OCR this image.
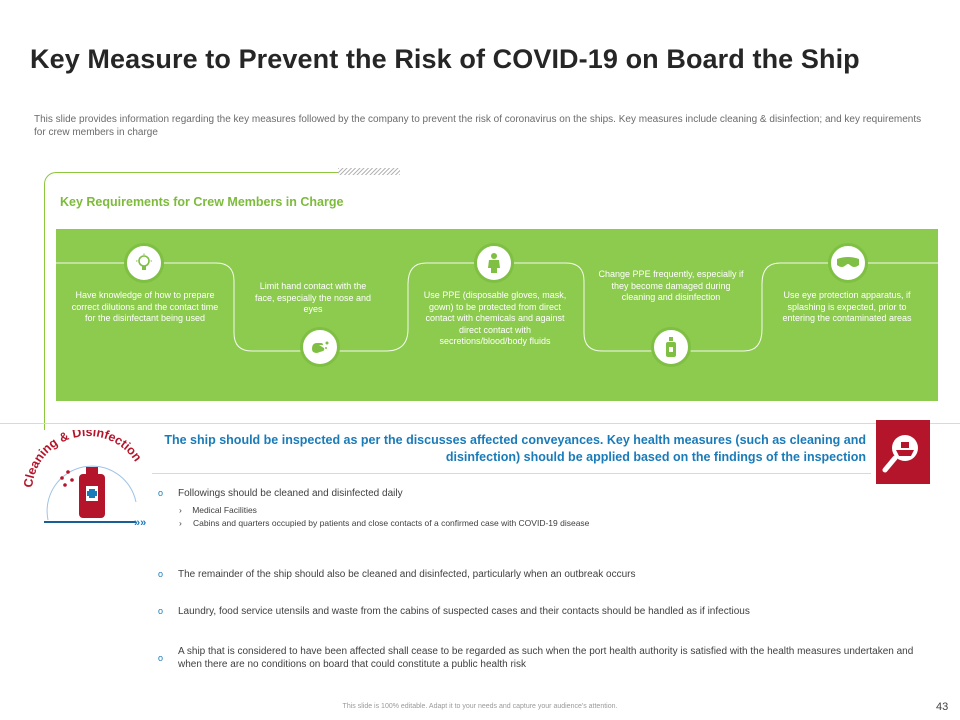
Key Measure to Prevent the Risk of COVID-19 on Board the Ship
This slide provides information regarding the key measures followed by the company to prevent the risk of coronavirus on the ships. Key measures include cleaning & disinfection; and key requirements for crew members in charge
Key Requirements for Crew Members in Charge
Have knowledge of how to prepare correct dilutions and the contact time for the disinfectant being used
Limit hand contact with the face, especially the nose and eyes
Use PPE (disposable gloves, mask, gown) to be protected from direct contact with chemicals and against direct contact with secretions/blood/body fluids
Change PPE frequently, especially if they become damaged during cleaning and disinfection	Use eye protection apparatus, if splashing is expected, prior to entering the contaminated areas
Cleaning & Disinfection
»»
The ship should be inspected as per the discusses affected conveyances. Key health measures (such as cleaning and disinfection) should be applied based on the findings of the inspection
o Followings should be cleaned and disinfected daily
› Medical Facilities
› Cabins and quarters occupied by patients and close contacts of a confirmed case with COVID-19 disease
o The remainder of the ship should also be cleaned and disinfected, particularly when an outbreak occurs
o Laundry, food service utensils and waste from the cabins of suspected cases and their contacts should be handled as if infectious
o
A ship that is considered to have been affected shall cease to be regarded as such when the port health authority is satisfied with the health measures undertaken and when there are no conditions on board that could constitute a public health risk
This slide is 100% editable. Adapt it to your needs and capture your audience's attention.	43
